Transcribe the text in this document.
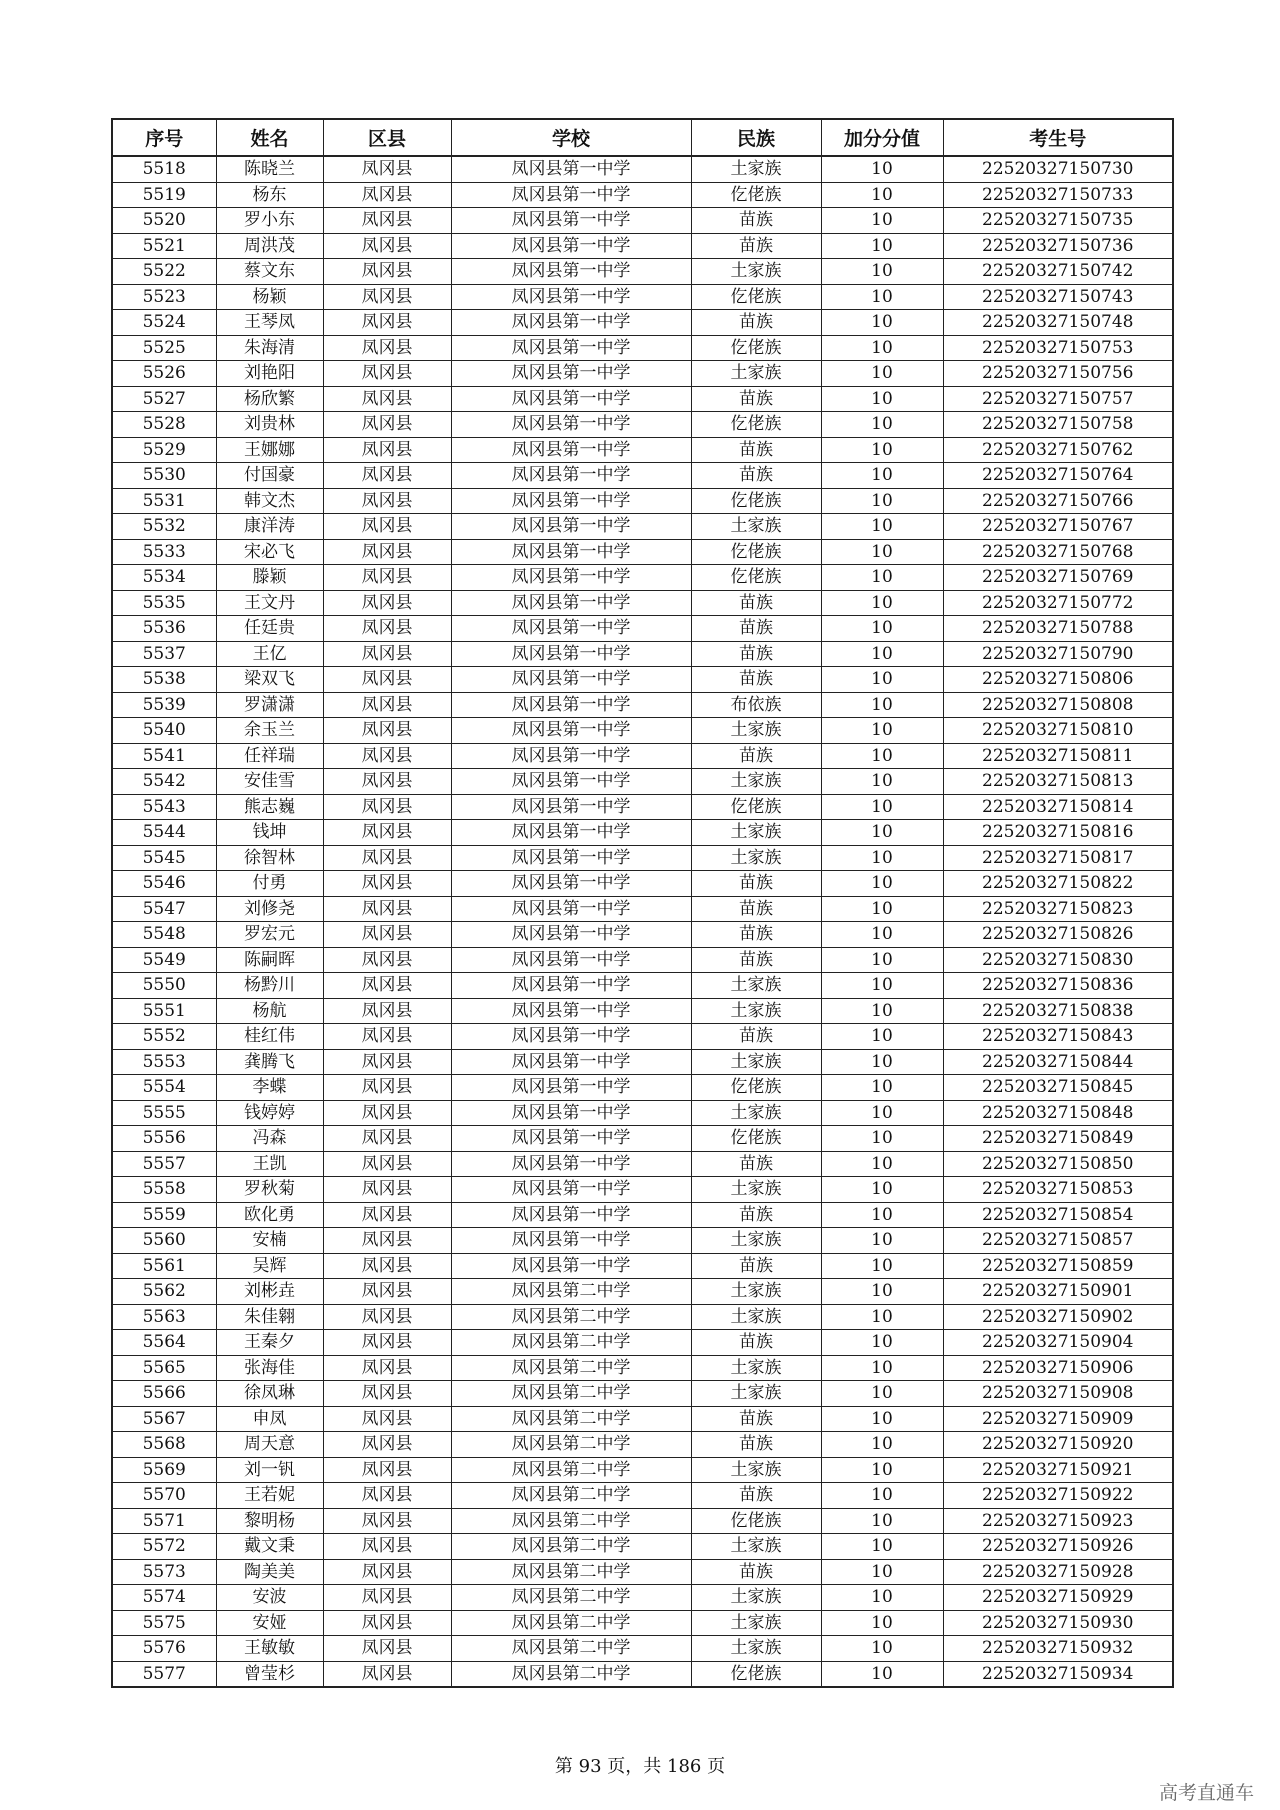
序号	姓名	区县	学校	民族	加分分值	考生号
5518	陈晓兰	凤冈县	凤冈县第一中学	土家族	10	22520327150730
5519	杨东	凤冈县	凤冈县第一中学	仡佬族	10	22520327150733
5520	罗小东	凤冈县	凤冈县第一中学	苗族	10	22520327150735
5521	周洪茂	凤冈县	凤冈县第一中学	苗族	10	22520327150736
5522	蔡文东	凤冈县	凤冈县第一中学	土家族	10	22520327150742
5523	杨颖	凤冈县	凤冈县第一中学	仡佬族	10	22520327150743
5524	王琴凤	凤冈县	凤冈县第一中学	苗族	10	22520327150748
5525	朱海清	凤冈县	凤冈县第一中学	仡佬族	10	22520327150753
5526	刘艳阳	凤冈县	凤冈县第一中学	土家族	10	22520327150756
5527	杨欣繁	凤冈县	凤冈县第一中学	苗族	10	22520327150757
5528	刘贵林	凤冈县	凤冈县第一中学	仡佬族	10	22520327150758
5529	王娜娜	凤冈县	凤冈县第一中学	苗族	10	22520327150762
5530	付国豪	凤冈县	凤冈县第一中学	苗族	10	22520327150764
5531	韩文杰	凤冈县	凤冈县第一中学	仡佬族	10	22520327150766
5532	康洋涛	凤冈县	凤冈县第一中学	土家族	10	22520327150767
5533	宋必飞	凤冈县	凤冈县第一中学	仡佬族	10	22520327150768
5534	滕颖	凤冈县	凤冈县第一中学	仡佬族	10	22520327150769
5535	王文丹	凤冈县	凤冈县第一中学	苗族	10	22520327150772
5536	任廷贵	凤冈县	凤冈县第一中学	苗族	10	22520327150788
5537	王亿	凤冈县	凤冈县第一中学	苗族	10	22520327150790
5538	梁双飞	凤冈县	凤冈县第一中学	苗族	10	22520327150806
5539	罗潇潇	凤冈县	凤冈县第一中学	布依族	10	22520327150808
5540	余玉兰	凤冈县	凤冈县第一中学	土家族	10	22520327150810
5541	任祥瑞	凤冈县	凤冈县第一中学	苗族	10	22520327150811
5542	安佳雪	凤冈县	凤冈县第一中学	土家族	10	22520327150813
5543	熊志巍	凤冈县	凤冈县第一中学	仡佬族	10	22520327150814
5544	钱坤	凤冈县	凤冈县第一中学	土家族	10	22520327150816
5545	徐智林	凤冈县	凤冈县第一中学	土家族	10	22520327150817
5546	付勇	凤冈县	凤冈县第一中学	苗族	10	22520327150822
5547	刘修尧	凤冈县	凤冈县第一中学	苗族	10	22520327150823
5548	罗宏元	凤冈县	凤冈县第一中学	苗族	10	22520327150826
5549	陈嗣晖	凤冈县	凤冈县第一中学	苗族	10	22520327150830
5550	杨黔川	凤冈县	凤冈县第一中学	土家族	10	22520327150836
5551	杨航	凤冈县	凤冈县第一中学	土家族	10	22520327150838
5552	桂红伟	凤冈县	凤冈县第一中学	苗族	10	22520327150843
5553	龚腾飞	凤冈县	凤冈县第一中学	土家族	10	22520327150844
5554	李蝶	凤冈县	凤冈县第一中学	仡佬族	10	22520327150845
5555	钱婷婷	凤冈县	凤冈县第一中学	土家族	10	22520327150848
5556	冯森	凤冈县	凤冈县第一中学	仡佬族	10	22520327150849
5557	王凯	凤冈县	凤冈县第一中学	苗族	10	22520327150850
5558	罗秋菊	凤冈县	凤冈县第一中学	土家族	10	22520327150853
5559	欧化勇	凤冈县	凤冈县第一中学	苗族	10	22520327150854
5560	安楠	凤冈县	凤冈县第一中学	土家族	10	22520327150857
5561	吴辉	凤冈县	凤冈县第一中学	苗族	10	22520327150859
5562	刘彬垚	凤冈县	凤冈县第二中学	土家族	10	22520327150901
5563	朱佳翱	凤冈县	凤冈县第二中学	土家族	10	22520327150902
5564	王秦夕	凤冈县	凤冈县第二中学	苗族	10	22520327150904
5565	张海佳	凤冈县	凤冈县第二中学	土家族	10	22520327150906
5566	徐凤琳	凤冈县	凤冈县第二中学	土家族	10	22520327150908
5567	申凤	凤冈县	凤冈县第二中学	苗族	10	22520327150909
5568	周天意	凤冈县	凤冈县第二中学	苗族	10	22520327150920
5569	刘一钒	凤冈县	凤冈县第二中学	土家族	10	22520327150921
5570	王若妮	凤冈县	凤冈县第二中学	苗族	10	22520327150922
5571	黎明杨	凤冈县	凤冈县第二中学	仡佬族	10	22520327150923
5572	戴文秉	凤冈县	凤冈县第二中学	土家族	10	22520327150926
5573	陶美美	凤冈县	凤冈县第二中学	苗族	10	22520327150928
5574	安波	凤冈县	凤冈县第二中学	土家族	10	22520327150929
5575	安娅	凤冈县	凤冈县第二中学	土家族	10	22520327150930
5576	王敏敏	凤冈县	凤冈县第二中学	土家族	10	22520327150932
5577	曾莹杉	凤冈县	凤冈县第二中学	仡佬族	10	22520327150934
第 93 页，共 186 页
高考直通车
